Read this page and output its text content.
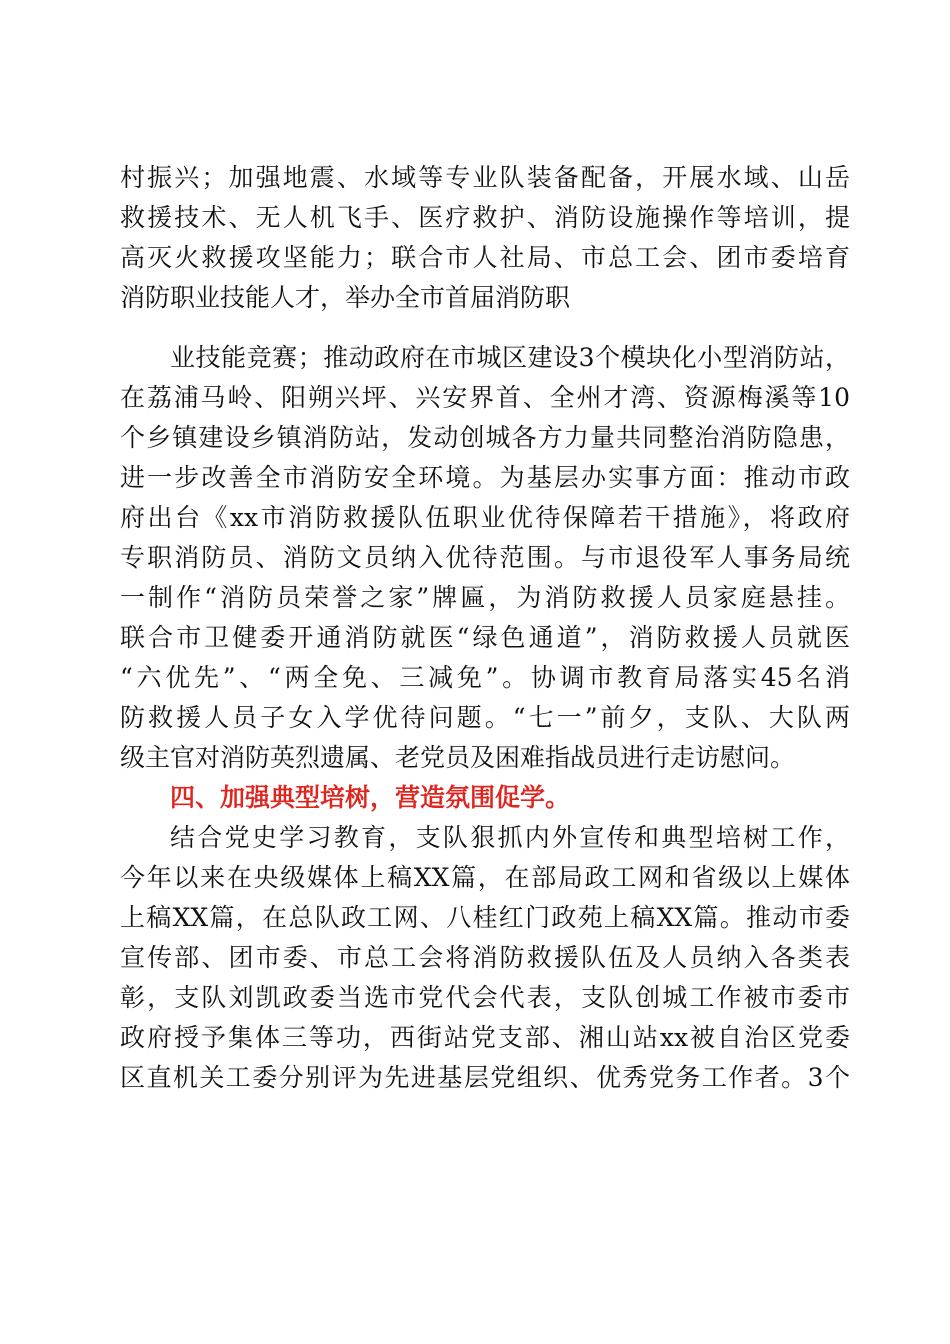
村振兴；加强地震、水域等专业队装备配备，开展水域、山岳
救援技术、无人机飞手、医疗救护、消防设施操作等培训，提
高灭火救援攻坚能力；联合市人社局、市总工会、团市委培育
消防职业技能人才，举办全市首届消防职
业技能竞赛；推动政府在市城区建设3个模块化小型消防站，
在荔浦马岭、阳朔兴坪、兴安界首、全州才湾、资源梅溪等10
个乡镇建设乡镇消防站，发动创城各方力量共同整治消防隐患，
进一步改善全市消防安全环境。为基层办实事方面：推动市政
府出台《xx市消防救援队伍职业优待保障若干措施》，将政府
专职消防员、消防文员纳入优待范围。与市退役军人事务局统
一制作“消防员荣誉之家”牌匾，为消防救援人员家庭悬挂。
联合市卫健委开通消防就医“绿色通道”，消防救援人员就医
“六优先”、“两全免、三减免”。协调市教育局落实45名消
防救援人员子女入学优待问题。“七一”前夕，支队、大队两
级主官对消防英烈遗属、老党员及困难指战员进行走访慰问。
四、加强典型培树，营造氛围促学。
结合党史学习教育，支队狠抓内外宣传和典型培树工作，
今年以来在央级媒体上稿XX篇，在部局政工网和省级以上媒体
上稿XX篇，在总队政工网、八桂红门政苑上稿XX篇。推动市委
宣传部、团市委、市总工会将消防救援队伍及人员纳入各类表
彰，支队刘凯政委当选市党代会代表，支队创城工作被市委市
政府授予集体三等功，西街站党支部、湘山站xx被自治区党委
区直机关工委分别评为先进基层党组织、优秀党务工作者。3个
